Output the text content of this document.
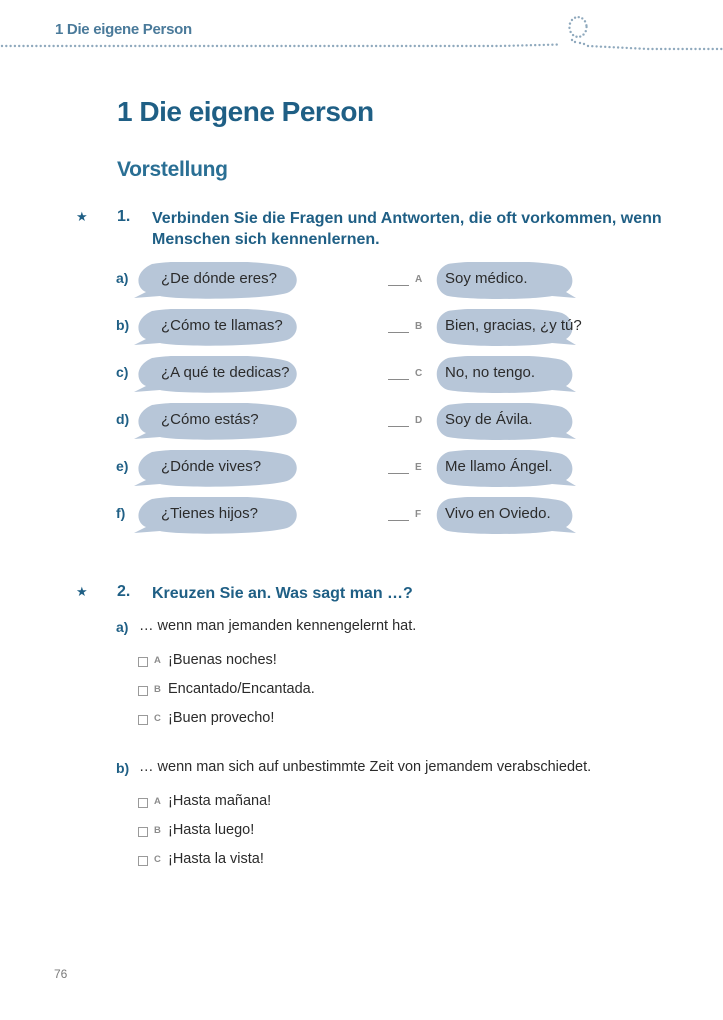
1 Die eigene Person
1 Die eigene Person
Vorstellung
★ 1. Verbinden Sie die Fragen und Antworten, die oft vorkommen, wenn Menschen sich kennenlernen.
a) ¿De dónde eres?	A Soy médico.
b) ¿Cómo te llamas?	B Bien, gracias, ¿y tú?
c) ¿A qué te dedicas?	C No, no tengo.
d) ¿Cómo estás?	D Soy de Ávila.
e) ¿Dónde vives?	E Me llamo Ángel.
f) ¿Tienes hijos?	F Vivo en Oviedo.
★ 2. Kreuzen Sie an. Was sagt man …?
a) … wenn man jemanden kennengelernt hat.
A ¡Buenas noches!
B Encantado/Encantada.
C ¡Buen provecho!
b) … wenn man sich auf unbestimmte Zeit von jemandem verabschiedet.
A ¡Hasta mañana!
B ¡Hasta luego!
C ¡Hasta la vista!
76
